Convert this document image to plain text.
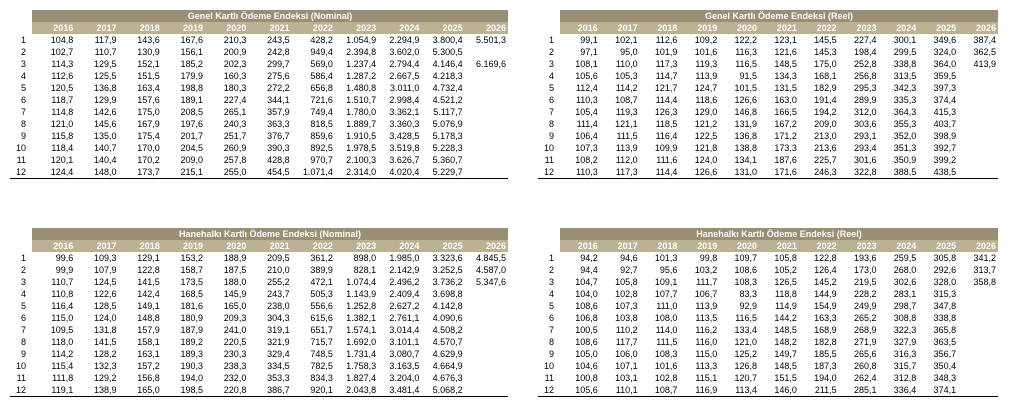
	Genel Kartlı Ödeme Endeksi (Nominal)										
	2016	2017	2018	2019	2020	2021	2022	2023	2024	2025	2026
1	104,8	117,9	143,6	167,6	210,3	243,5	428,2	1.054,9	2.294,9	3.800,4	5.501,3
2	102,7	110,7	130,9	156,1	200,9	242,8	949,4	2.394,8	3.602,0	5.300,5	
3	114,3	129,5	152,1	185,2	202,3	299,7	569,0	1.237,4	2.794,4	4.146,4	6.169,6
4	112,6	125,5	151,5	179,9	160,3	275,6	586,4	1.287,2	2.667,5	4.218,3	
5	120,5	136,8	163,4	198,8	180,3	272,2	656,8	1.480,8	3.011,0	4.732,4	
6	118,7	129,9	157,6	189,1	227,4	344,1	721,6	1.510,7	2.998,4	4.521,2	
7	114,8	142,6	175,0	208,5	265,1	357,9	749,4	1.780,0	3.362,1	5.117,7	
8	121,0	145,6	167,9	197,6	240,3	363,3	818,5	1.889,7	3.360,3	5.076,9	
9	115,8	135,0	175,4	201,7	251,7	376,7	859,6	1.910,5	3.428,5	5.178,3	
10	118,4	140,7	170,0	204,5	260,9	390,3	892,5	1.978,5	3.519,8	5.228,3	
11	120,1	140,4	170,2	209,0	257,8	428,8	970,7	2.100,3	3.626,7	5.360,7	
12	124,4	148,0	173,7	215,1	255,0	454,5	1.071,4	2.314,0	4.020,4	5.229,7	
	Genel Kartlı Ödeme Endeksi (Reel)										
	2016	2017	2018	2019	2020	2021	2022	2023	2024	2025	2026
1	99,1	102,1	112,6	109,2	122,2	123,1	145,5	227,4	300,1	349,6	387,4
2	97,1	95,0	101,9	101,6	116,3	121,6	145,3	198,4	299,5	324,0	362,5
3	108,1	110,0	117,3	119,3	116,5	148,5	175,0	252,8	338,8	364,0	413,9
4	105,6	105,3	114,7	113,9	91,5	134,3	168,1	256,8	313,5	359,5	
5	112,4	114,2	121,7	124,7	101,5	131,5	182,9	295,3	342,3	397,3	
6	110,3	108,7	114,4	118,6	126,6	163,0	191,4	289,9	335,3	374,4	
7	105,4	119,3	126,3	129,0	146,8	166,5	194,2	312,0	364,3	415,3	
8	111,4	121,1	118,5	121,2	131,9	167,2	209,0	303,6	355,3	403,7	
9	106,4	111,5	116,4	122,5	136,8	171,2	213,0	293,1	352,0	398,9	
10	107,3	113,9	109,9	121,8	138,8	173,3	213,6	293,4	351,3	392,7	
11	108,2	112,0	111,6	124,0	134,1	187,6	225,7	301,6	350,9	399,2	
12	110,3	117,3	114,4	126,6	131,0	171,6	246,3	322,8	388,5	438,5	
	Hanehalkı Kartlı Ödeme Endeksi (Nominal)										
	2016	2017	2018	2019	2020	2021	2022	2023	2024	2025	2026
1	99,6	109,3	129,1	153,2	188,9	209,5	361,2	898,0	1.985,0	3.323,6	4.845,5
2	99,9	107,9	122,8	158,7	187,5	210,0	389,9	828,1	2.142,9	3.252,5	4.587,0
3	110,7	124,5	141,5	173,5	188,0	255,2	472,1	1.074,4	2.496,2	3.736,2	5.347,6
4	110,8	122,6	142,4	168,5	145,9	243,7	505,3	1.143,9	2.409,4	3.698,8	
5	116,4	128,5	149,1	181,6	165,0	238,0	556,6	1.252,8	2.627,2	4.142,8	
6	115,0	124,0	148,8	180,9	209,3	304,3	615,6	1.382,1	2.761,1	4.090,6	
7	109,5	131,8	157,9	187,9	241,0	319,1	651,7	1.574,1	3.014,4	4.508,2	
8	118,0	141,5	158,1	189,2	220,5	321,9	715,7	1.692,0	3.101,1	4.570,7	
9	114,2	128,2	163,1	189,3	230,3	329,4	748,5	1.731,4	3.080,7	4.629,9	
10	115,4	132,3	157,2	190,3	238,3	334,5	782,5	1.758,3	3.163,5	4.664,9	
11	111,8	129,2	156,8	194,0	232,0	353,3	834,3	1.827,4	3.204,0	4.676,3	
12	119,1	138,9	165,0	198,5	220,8	386,7	920,1	2.043,8	3.481,4	5.068,2	
	Hanehalkı Kartlı Ödeme Endeksi (Reel)										
	2016	2017	2018	2019	2020	2021	2022	2023	2024	2025	2026
1	94,2	94,6	101,3	99,8	109,7	105,8	122,8	193,6	259,5	305,8	341,2
2	94,4	92,7	95,6	103,2	108,6	105,2	126,4	173,0	268,0	292,6	313,7
3	104,7	105,8	109,1	111,7	108,3	126,5	145,2	219,5	302,6	328,0	358,8
4	104,0	102,8	107,7	106,7	83,3	118,8	144,9	228,2	283,1	315,3	
5	108,6	107,3	111,0	113,9	92,9	114,9	154,9	249,9	298,7	347,8	
6	106,8	103,8	108,0	113,5	116,5	144,2	163,3	265,2	308,8	338,8	
7	100,5	110,2	114,0	116,2	133,4	148,5	168,9	268,9	322,3	365,8	
8	108,6	117,7	111,5	116,0	121,0	148,2	182,8	271,9	327,9	363,5	
9	105,0	106,0	108,3	115,0	125,2	149,7	185,5	265,6	316,3	356,7	
10	104,6	107,1	101,6	113,3	126,8	148,5	187,3	260,8	315,7	350,4	
11	100,8	103,1	102,8	115,1	120,7	151,5	194,0	262,4	312,8	348,3	
12	105,6	110,1	108,7	116,9	113,4	146,0	211,5	285,1	336,4	374,1	
